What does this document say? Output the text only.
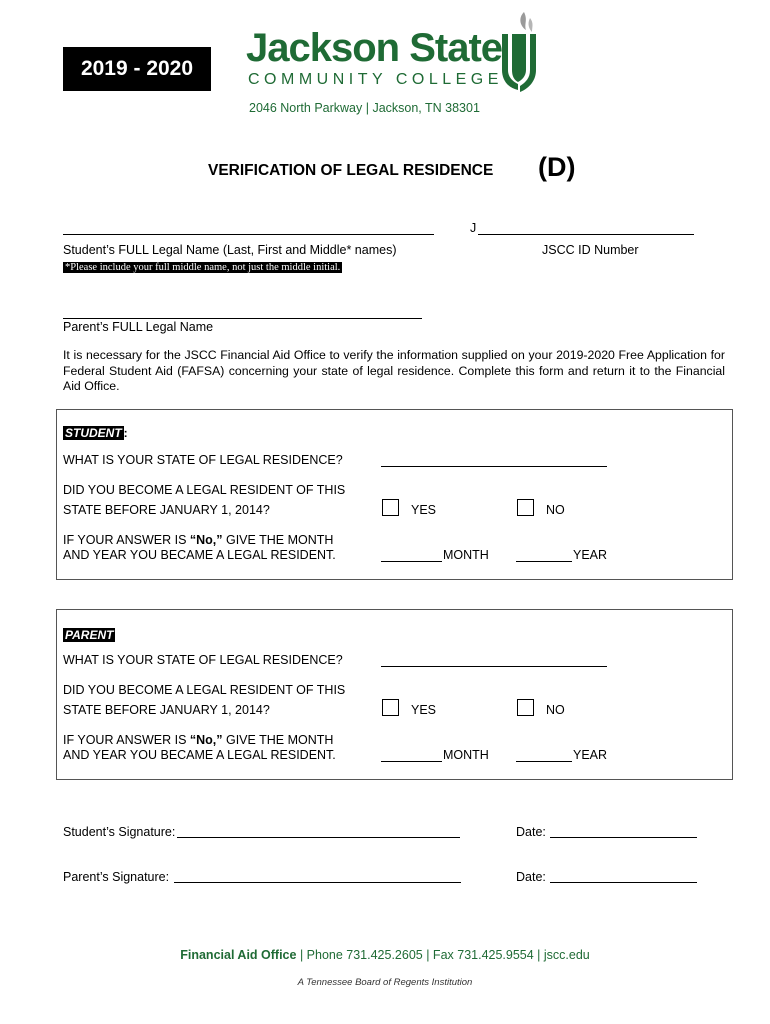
2019 - 2020	Jackson State
COMMUNITY COLLEGE
2046 North Parkway | Jackson, TN 38301
VERIFICATION OF LEGAL RESIDENCE (D)
Student’s FULL Legal Name (Last, First and Middle* names)
J
JSCC ID Number
*Please include your full middle name, not just the middle initial.
Parent’s FULL Legal Name
It is necessary for the JSCC Financial Aid Office to verify the information supplied on your 2019-2020 Free Application for Federal Student Aid (FAFSA) concerning your state of legal residence. Complete this form and return it to the Financial Aid Office.
STUDENT :
WHAT IS YOUR STATE OF LEGAL RESIDENCE?
DID YOU BECOME A LEGAL RESIDENT OF THIS
STATE BEFORE JANUARY 1, 2014?	YES	NO
IF YOUR ANSWER IS “No,” GIVE THE MONTH
AND YEAR YOU BECAME A LEGAL RESIDENT.	MONTH	YEAR
PARENT
WHAT IS YOUR STATE OF LEGAL RESIDENCE?
DID YOU BECOME A LEGAL RESIDENT OF THIS
STATE BEFORE JANUARY 1, 2014?	YES	NO
IF YOUR ANSWER IS “No,” GIVE THE MONTH
AND YEAR YOU BECAME A LEGAL RESIDENT.	MONTH	YEAR
Student’s Signature:	Date:
Parent’s Signature:	Date:
Financial Aid Office | Phone 731.425.2605 | Fax 731.425.9554 | jscc.edu
A Tennessee Board of Regents Institution
